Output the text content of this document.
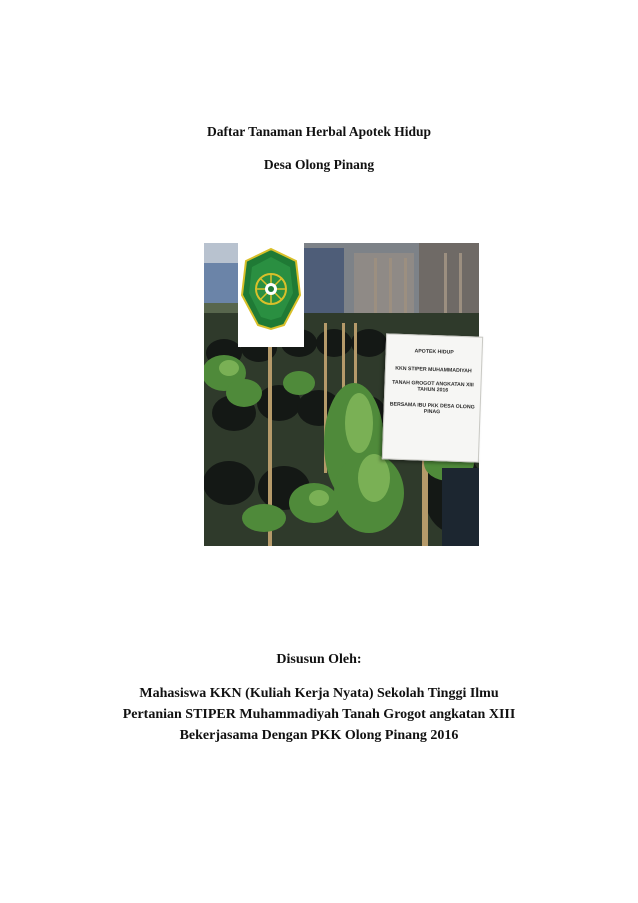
Daftar Tanaman Herbal Apotek Hidup
Desa Olong Pinang
APOTEK HIDUP
KKN STIPER MUHAMMADIYAH
TANAH GROGOT ANGKATAN XIII TAHUN 2016
BERSAMA IBU PKK DESA OLONG PINAG
Disusun Oleh:
Mahasiswa KKN (Kuliah Kerja Nyata) Sekolah Tinggi Ilmu
Pertanian STIPER Muhammadiyah Tanah Grogot angkatan XIII
Bekerjasama Dengan PKK Olong Pinang 2016
